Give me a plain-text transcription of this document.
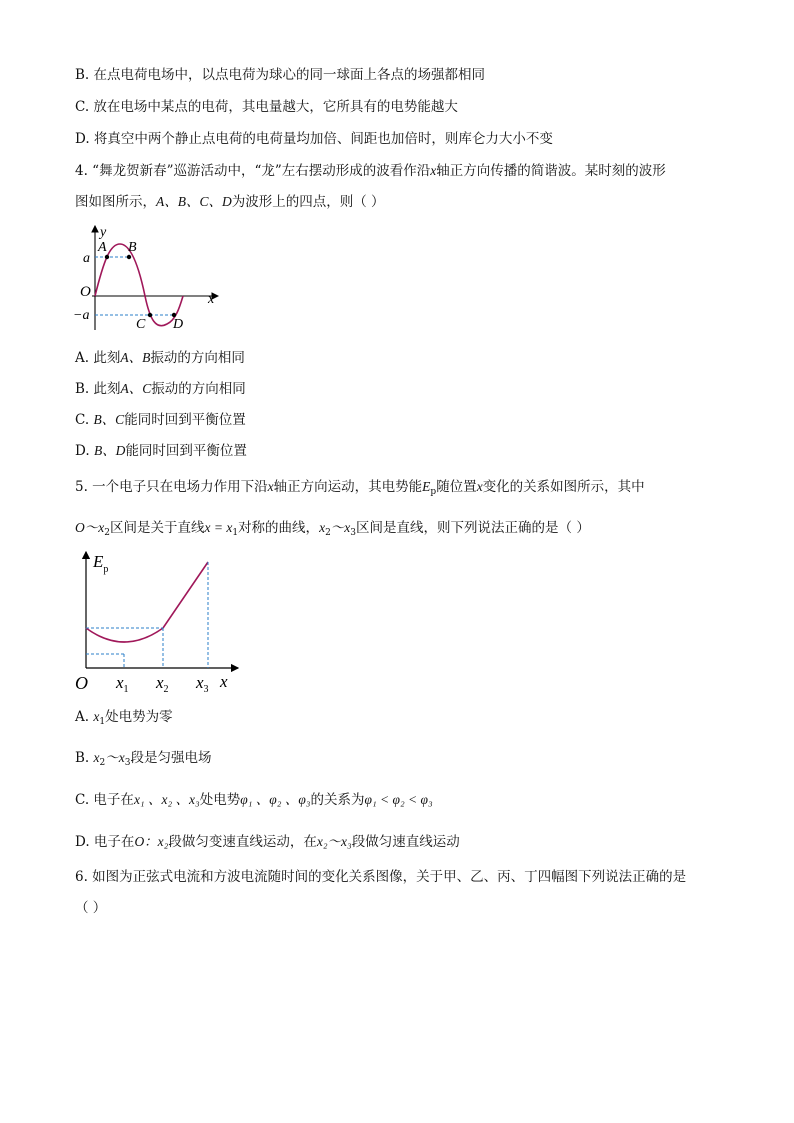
B. 在点电荷电场中，以点电荷为球心的同一球面上各点的场强都相同
C. 放在电场中某点的电荷，其电量越大，它所具有的电势能越大
D. 将真空中两个静止点电荷的电荷量均加倍、间距也加倍时，则库仑力大小不变
4. “舞龙贺新春”巡游活动中，“龙”左右摆动形成的波看作沿x轴正方向传播的简谐波。某时刻的波形
图如图所示，A、B、C、D为波形上的四点，则（ ）
y
A B
a
O	x
−a
C D
A. 此刻A、B振动的方向相同
B. 此刻A、C振动的方向相同
C. B、C能同时回到平衡位置
D. B、D能同时回到平衡位置
5. 一个电子只在电场力作用下沿x轴正方向运动，其电势能$E_p$随位置x变化的关系如图所示，其中
$O\sim x_2$区间是关于直线$x = x_1$对称的曲线，$x_2\sim x_3$区间是直线，则下列说法正确的是（ ）
$E_p$
O $x_1$ $x_2$ $x_3$ x
A. $x_1$处电势为零
B. $x_2\sim x_3$段是匀强电场
C. 电子在x₁ 、x₂ 、x₃处电势φ₁ 、φ₂ 、φ₃的关系为φ₁ < φ₂ < φ₃
D. 电子在O：x₂段做匀变速直线运动，在x₂～x₃段做匀速直线运动
6. 如图为正弦式电流和方波电流随时间的变化关系图像，关于甲、乙、丙、丁四幅图下列说法正确的是
（ ）
